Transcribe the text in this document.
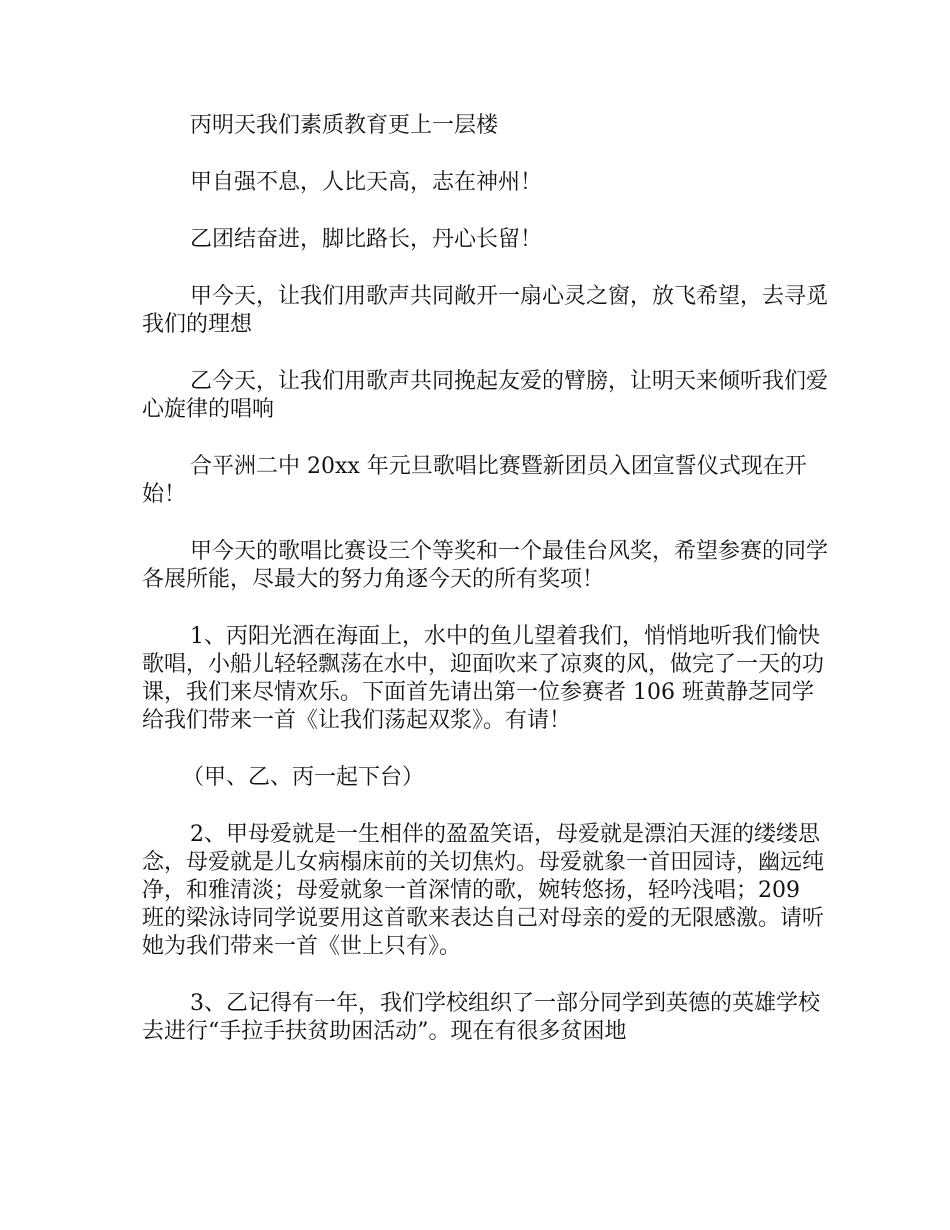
丙明天我们素质教育更上一层楼

甲自强不息，人比天高，志在神州！

乙团结奋进，脚比路长，丹心长留！

甲今天，让我们用歌声共同敞开一扇心灵之窗，放飞希望，去寻觅我们的理想

乙今天，让我们用歌声共同挽起友爱的臂膀，让明天来倾听我们爱心旋律的唱响

合平洲二中 20xx 年元旦歌唱比赛暨新团员入团宣誓仪式现在开始！

甲今天的歌唱比赛设三个等奖和一个最佳台风奖，希望参赛的同学各展所能，尽最大的努力角逐今天的所有奖项！

1、丙阳光洒在海面上，水中的鱼儿望着我们，悄悄地听我们愉快歌唱，小船儿轻轻飘荡在水中，迎面吹来了凉爽的风，做完了一天的功课，我们来尽情欢乐。下面首先请出第一位参赛者 106 班黄静芝同学给我们带来一首《让我们荡起双浆》。有请！

（甲、乙、丙一起下台）

2、甲母爱就是一生相伴的盈盈笑语，母爱就是漂泊天涯的缕缕思念，母爱就是儿女病榻床前的关切焦灼。母爱就象一首田园诗，幽远纯净，和雅清淡；母爱就象一首深情的歌，婉转悠扬，轻吟浅唱；209 班的梁泳诗同学说要用这首歌来表达自己对母亲的爱的无限感激。请听她为我们带来一首《世上只有》。

3、乙记得有一年，我们学校组织了一部分同学到英德的英雄学校去进行“手拉手扶贫助困活动”。现在有很多贫困地
